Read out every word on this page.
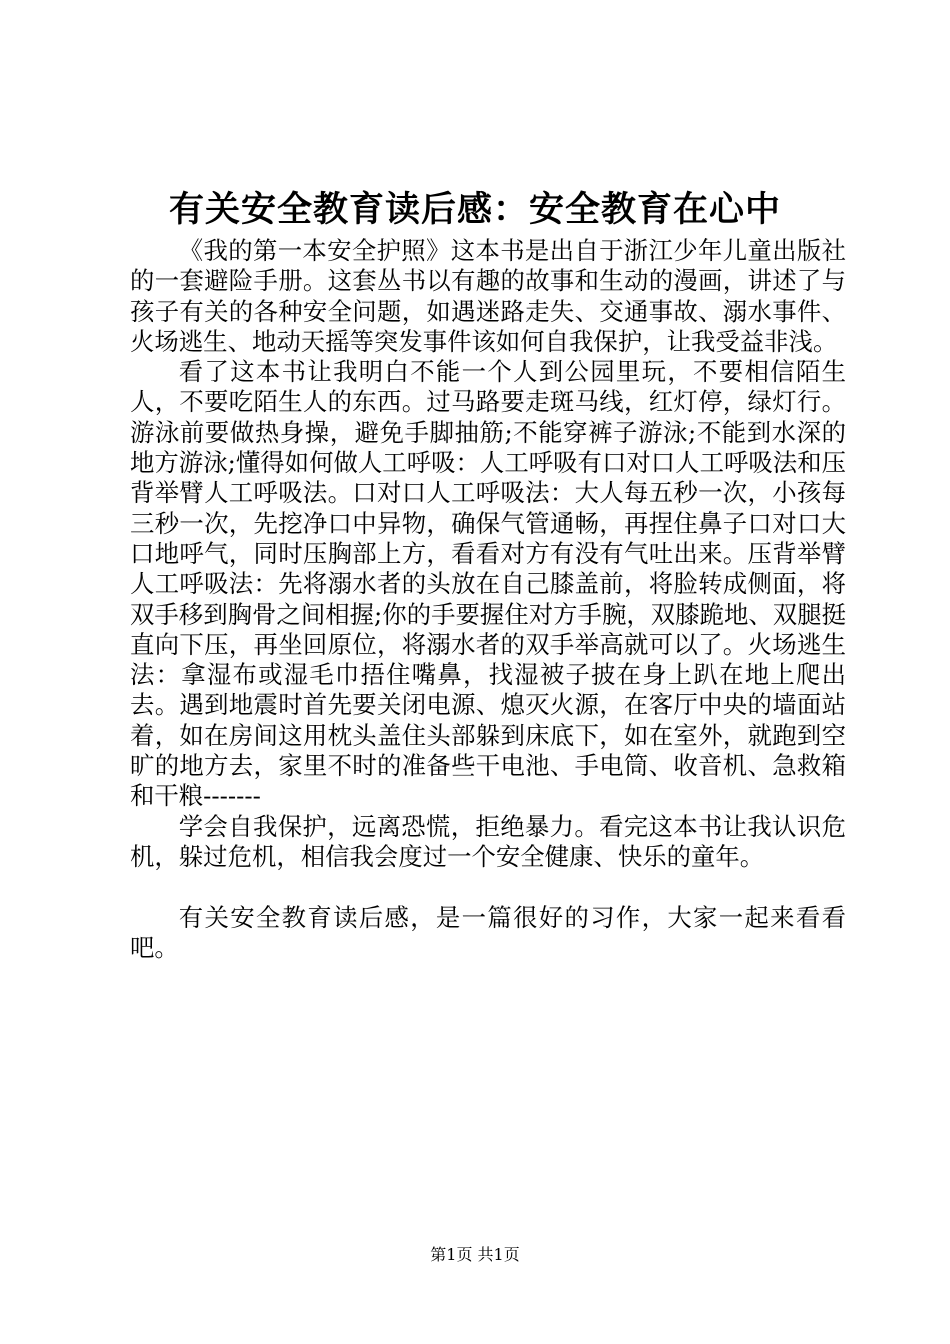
有关安全教育读后感：安全教育在心中

《我的第一本安全护照》这本书是出自于浙江少年儿童出版社的一套避险手册。这套丛书以有趣的故事和生动的漫画，讲述了与孩子有关的各种安全问题，如遇迷路走失、交通事故、溺水事件、火场逃生、地动天摇等突发事件该如何自我保护，让我受益非浅。

看了这本书让我明白不能一个人到公园里玩，不要相信陌生人，不要吃陌生人的东西。过马路要走斑马线，红灯停，绿灯行。游泳前要做热身操，避免手脚抽筋;不能穿裤子游泳;不能到水深的地方游泳;懂得如何做人工呼吸：人工呼吸有口对口人工呼吸法和压背举臂人工呼吸法。口对口人工呼吸法：大人每五秒一次，小孩每三秒一次，先挖净口中异物，确保气管通畅，再捏住鼻子口对口大口地呼气，同时压胸部上方，看看对方有没有气吐出来。压背举臂人工呼吸法：先将溺水者的头放在自己膝盖前，将脸转成侧面，将双手移到胸骨之间相握;你的手要握住对方手腕，双膝跪地、双腿挺直向下压，再坐回原位，将溺水者的双手举高就可以了。火场逃生法：拿湿布或湿毛巾捂住嘴鼻，找湿被子披在身上趴在地上爬出去。遇到地震时首先要关闭电源、熄灭火源，在客厅中央的墙面站着，如在房间这用枕头盖住头部躲到床底下，如在室外，就跑到空旷的地方去，家里不时的准备些干电池、手电筒、收音机、急救箱和干粮-------

学会自我保护，远离恐慌，拒绝暴力。看完这本书让我认识危机，躲过危机，相信我会度过一个安全健康、快乐的童年。

有关安全教育读后感，是一篇很好的习作，大家一起来看看吧。

第1页 共1页
